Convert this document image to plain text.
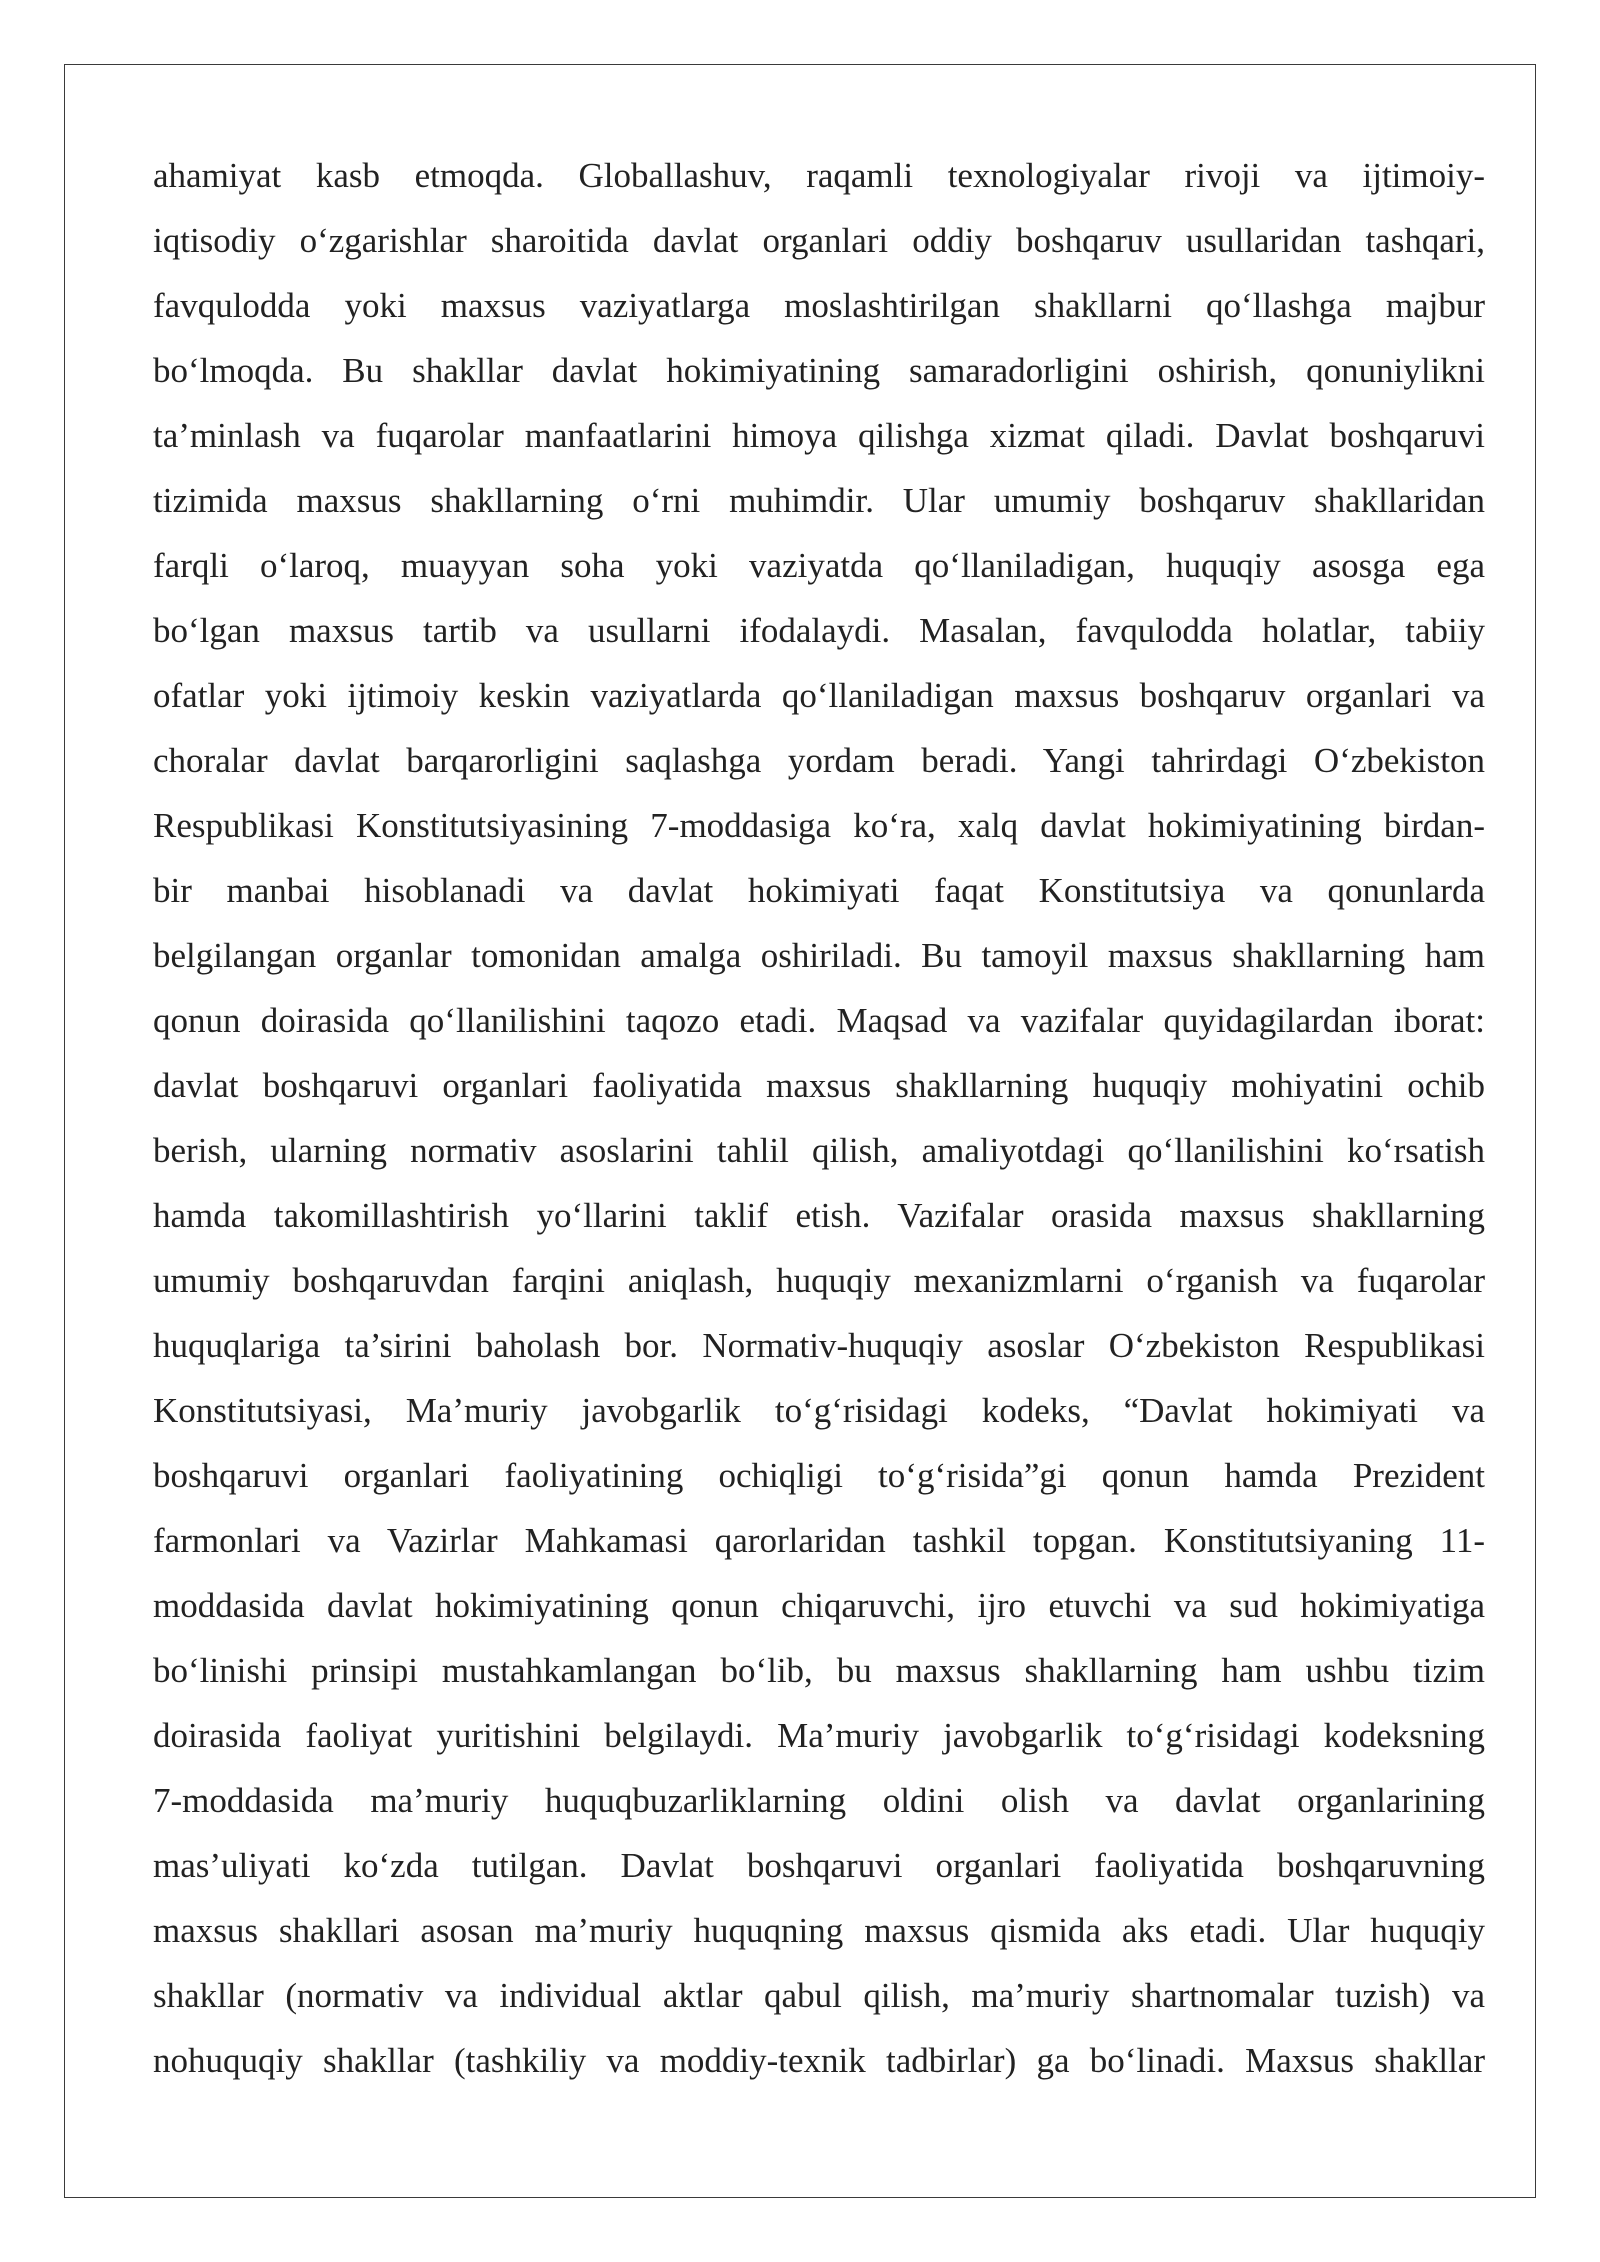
ahamiyat kasb etmoqda. Globallashuv, raqamli texnologiyalar rivoji va ijtimoiy-
iqtisodiy o‘zgarishlar sharoitida davlat organlari oddiy boshqaruv usullaridan tashqari,
favqulodda yoki maxsus vaziyatlarga moslashtirilgan shakllarni qo‘llashga majbur
bo‘lmoqda. Bu shakllar davlat hokimiyatining samaradorligini oshirish, qonuniylikni
ta’minlash va fuqarolar manfaatlarini himoya qilishga xizmat qiladi. Davlat boshqaruvi
tizimida maxsus shakllarning o‘rni muhimdir. Ular umumiy boshqaruv shakllaridan
farqli o‘laroq, muayyan soha yoki vaziyatda qo‘llaniladigan, huquqiy asosga ega
bo‘lgan maxsus tartib va usullarni ifodalaydi. Masalan, favqulodda holatlar, tabiiy
ofatlar yoki ijtimoiy keskin vaziyatlarda qo‘llaniladigan maxsus boshqaruv organlari va
choralar davlat barqarorligini saqlashga yordam beradi. Yangi tahrirdagi O‘zbekiston
Respublikasi Konstitutsiyasining 7-moddasiga ko‘ra, xalq davlat hokimiyatining birdan-
bir manbai hisoblanadi va davlat hokimiyati faqat Konstitutsiya va qonunlarda
belgilangan organlar tomonidan amalga oshiriladi. Bu tamoyil maxsus shakllarning ham
qonun doirasida qo‘llanilishini taqozo etadi. Maqsad va vazifalar quyidagilardan iborat:
davlat boshqaruvi organlari faoliyatida maxsus shakllarning huquqiy mohiyatini ochib
berish, ularning normativ asoslarini tahlil qilish, amaliyotdagi qo‘llanilishini ko‘rsatish
hamda takomillashtirish yo‘llarini taklif etish. Vazifalar orasida maxsus shakllarning
umumiy boshqaruvdan farqini aniqlash, huquqiy mexanizmlarni o‘rganish va fuqarolar
huquqlariga ta’sirini baholash bor. Normativ-huquqiy asoslar O‘zbekiston Respublikasi
Konstitutsiyasi, Ma’muriy javobgarlik to‘g‘risidagi kodeks, “Davlat hokimiyati va
boshqaruvi organlari faoliyatining ochiqligi to‘g‘risida”gi qonun hamda Prezident
farmonlari va Vazirlar Mahkamasi qarorlaridan tashkil topgan. Konstitutsiyaning 11-
moddasida davlat hokimiyatining qonun chiqaruvchi, ijro etuvchi va sud hokimiyatiga
bo‘linishi prinsipi mustahkamlangan bo‘lib, bu maxsus shakllarning ham ushbu tizim
doirasida faoliyat yuritishini belgilaydi. Ma’muriy javobgarlik to‘g‘risidagi kodeksning
7-moddasida ma’muriy huquqbuzarliklarning oldini olish va davlat organlarining
mas’uliyati ko‘zda tutilgan. Davlat boshqaruvi organlari faoliyatida boshqaruvning
maxsus shakllari asosan ma’muriy huquqning maxsus qismida aks etadi. Ular huquqiy
shakllar (normativ va individual aktlar qabul qilish, ma’muriy shartnomalar tuzish) va
nohuquqiy shakllar (tashkiliy va moddiy-texnik tadbirlar) ga bo‘linadi. Maxsus shakllar
